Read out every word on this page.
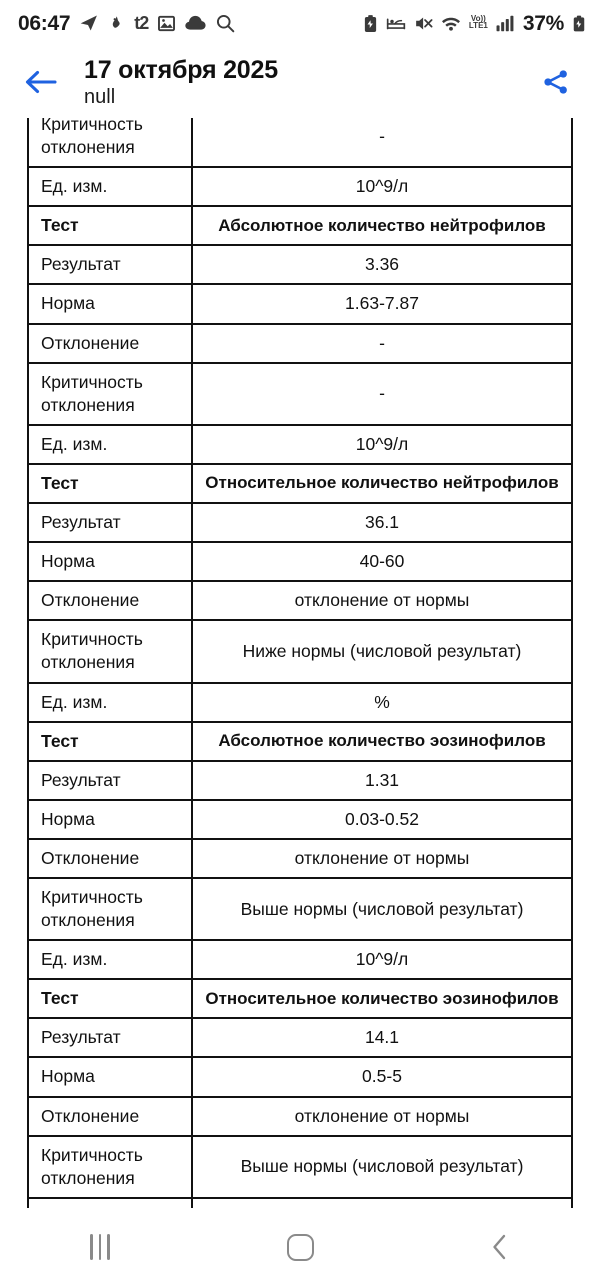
06:47	t2	Vo))
LTE1 37%
17 октября 2025
null
Критичность отклонения	-
Ед. изм.	10^9/л
Тест	Абсолютное количество нейтрофилов
Результат	3.36
Норма	1.63-7.87
Отклонение	-
Критичность отклонения	-
Ед. изм.	10^9/л
Тест	Относительное количество нейтрофилов
Результат	36.1
Норма	40-60
Отклонение	отклонение от нормы
Критичность отклонения	Ниже нормы (числовой результат)
Ед. изм.	%
Тест	Абсолютное количество эозинофилов
Результат	1.31
Норма	0.03-0.52
Отклонение	отклонение от нормы
Критичность отклонения	Выше нормы (числовой результат)
Ед. изм.	10^9/л
Тест	Относительное количество эозинофилов
Результат	14.1
Норма	0.5-5
Отклонение	отклонение от нормы
Критичность отклонения	Выше нормы (числовой результат)
